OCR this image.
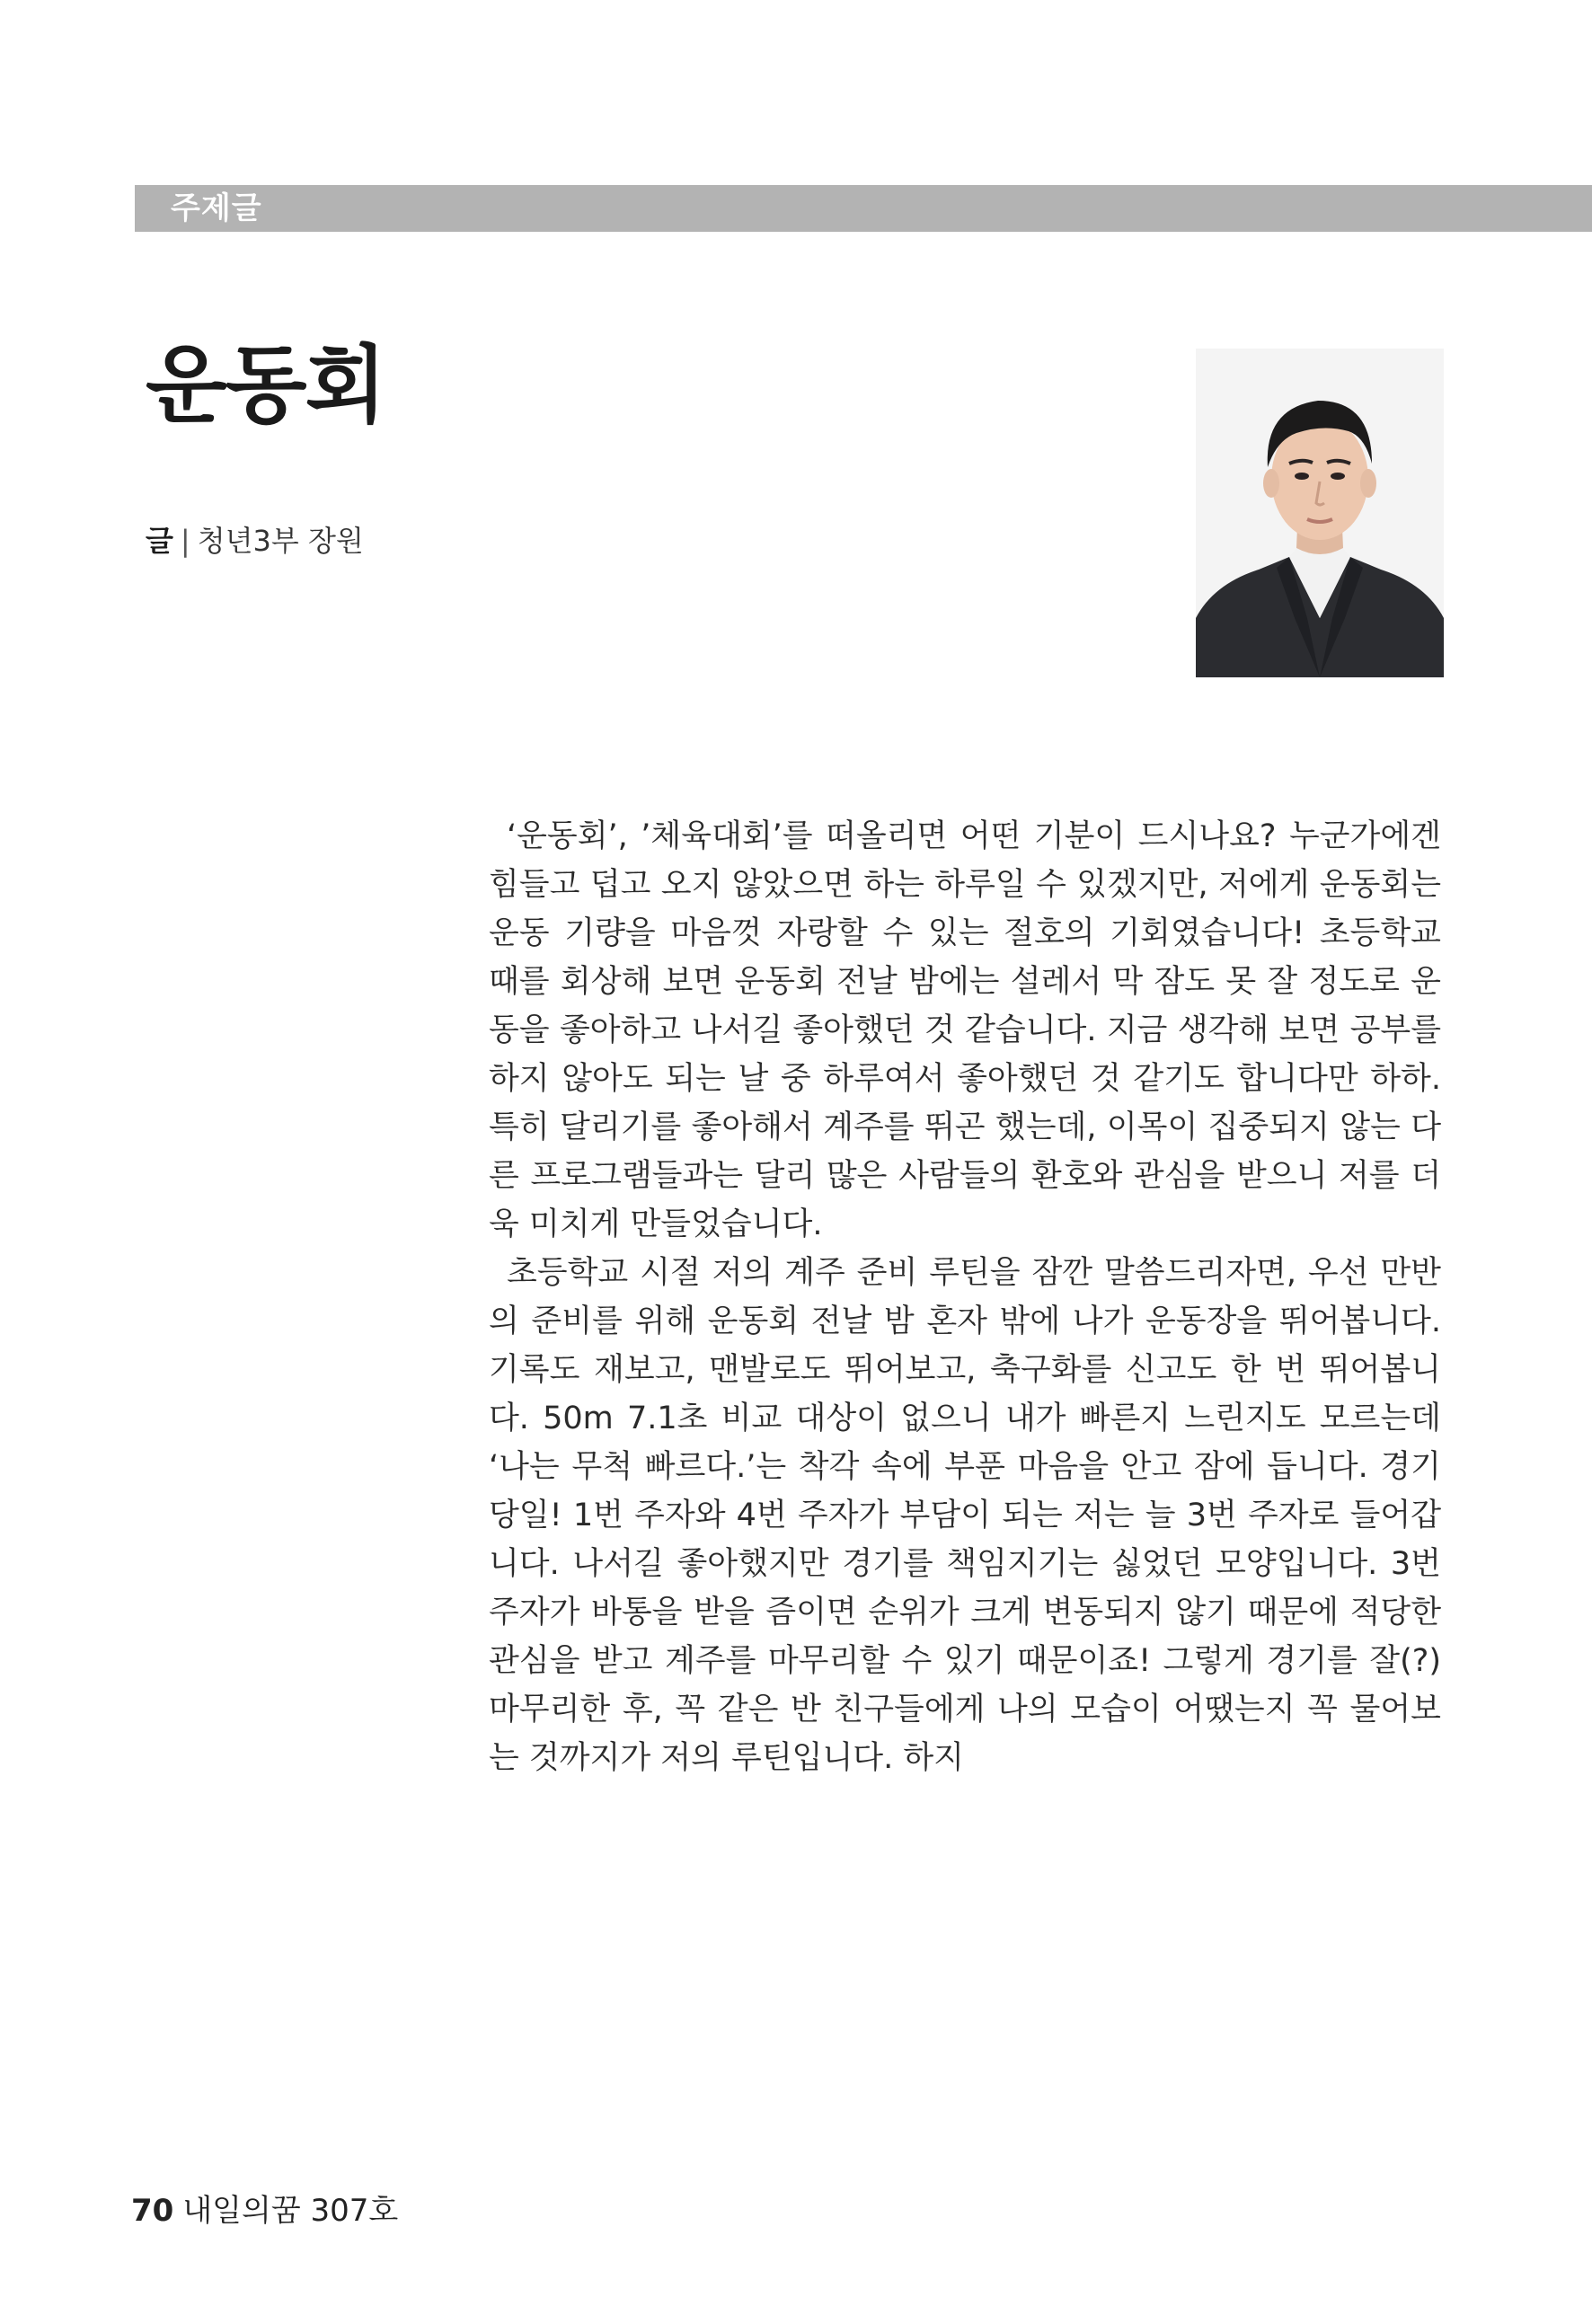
주제글
운동회
글 | 청년3부 장원

‘운동회’, ’체육대회’를 떠올리면 어떤 기분이 드시나요? 누군가에겐 힘들고 덥고 오지 않았으면 하는 하루일 수 있겠지만, 저에게 운동회는 운동 기량을 마음껏 자랑할 수 있는 절호의 기회였습니다! 초등학교 때를 회상해 보면 운동회 전날 밤에는 설레서 막 잠도 못 잘 정도로 운동을 좋아하고 나서길 좋아했던 것 같습니다. 지금 생각해 보면 공부를 하지 않아도 되는 날 중 하루여서 좋아했던 것 같기도 합니다만 하하. 특히 달리기를 좋아해서 계주를 뛰곤 했는데, 이목이 집중되지 않는 다른 프로그램들과는 달리 많은 사람들의 환호와 관심을 받으니 저를 더욱 미치게 만들었습니다.

초등학교 시절 저의 계주 준비 루틴을 잠깐 말씀드리자면, 우선 만반의 준비를 위해 운동회 전날 밤 혼자 밖에 나가 운동장을 뛰어봅니다. 기록도 재보고, 맨발로도 뛰어보고, 축구화를 신고도 한 번 뛰어봅니다. 50m 7.1초 비교 대상이 없으니 내가 빠른지 느린지도 모르는데 ‘나는 무척 빠르다.’는 착각 속에 부푼 마음을 안고 잠에 듭니다. 경기 당일! 1번 주자와 4번 주자가 부담이 되는 저는 늘 3번 주자로 들어갑니다. 나서길 좋아했지만 경기를 책임지기는 싫었던 모양입니다. 3번 주자가 바통을 받을 즘이면 순위가 크게 변동되지 않기 때문에 적당한 관심을 받고 계주를 마무리할 수 있기 때문이죠! 그렇게 경기를 잘(?) 마무리한 후, 꼭 같은 반 친구들에게 나의 모습이 어땠는지 꼭 물어보는 것까지가 저의 루틴입니다. 하지

70 내일의꿈 307호
